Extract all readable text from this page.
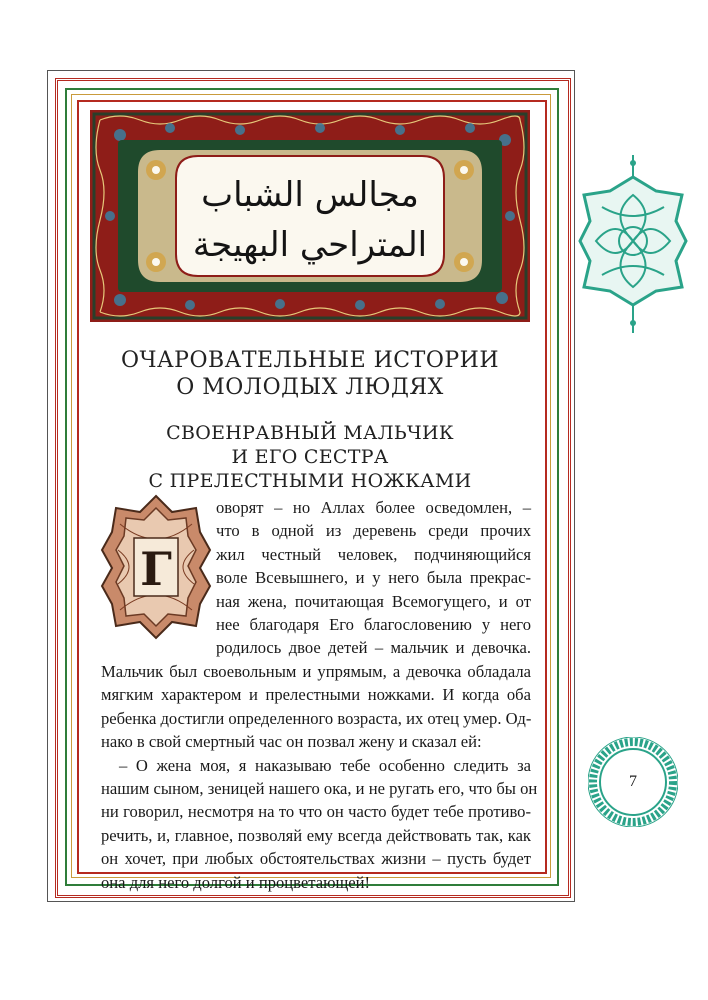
مجالس الشباب
المتراحي البهيجة
ОЧАРОВАТЕЛЬНЫЕ ИСТОРИИ
О МОЛОДЫХ ЛЮДЯХ
СВОЕНРАВНЫЙ МАЛЬЧИК
И ЕГО СЕСТРА
С ПРЕЛЕСТНЫМИ НОЖКАМИ
Г

оворят – но Аллах более осведомлен, –
что в одной из деревень среди прочих
жил честный человек, подчиняющийся
воле Всевышнего, и у него была прекрас-
ная жена, почитающая Всемогущего, и от
нее благодаря Его благословению у него
родилось двое детей – мальчик и девочка.

Мальчик был своевольным и упрямым, а девочка обладала
мягким характером и прелестными ножками. И когда оба
ребенка достигли определенного возраста, их отец умер. Од-
нако в свой смертный час он позвал жену и сказал ей:
– О жена моя, я наказываю тебе особенно следить за
нашим сыном, зеницей нашего ока, и не ругать его, что бы он
ни говорил, несмотря на то что он часто будет тебе противо-
речить, и, главное, позволяй ему всегда действовать так, как
он хочет, при любых обстоятельствах жизни – пусть будет
она для него долгой и процветающей!

7
